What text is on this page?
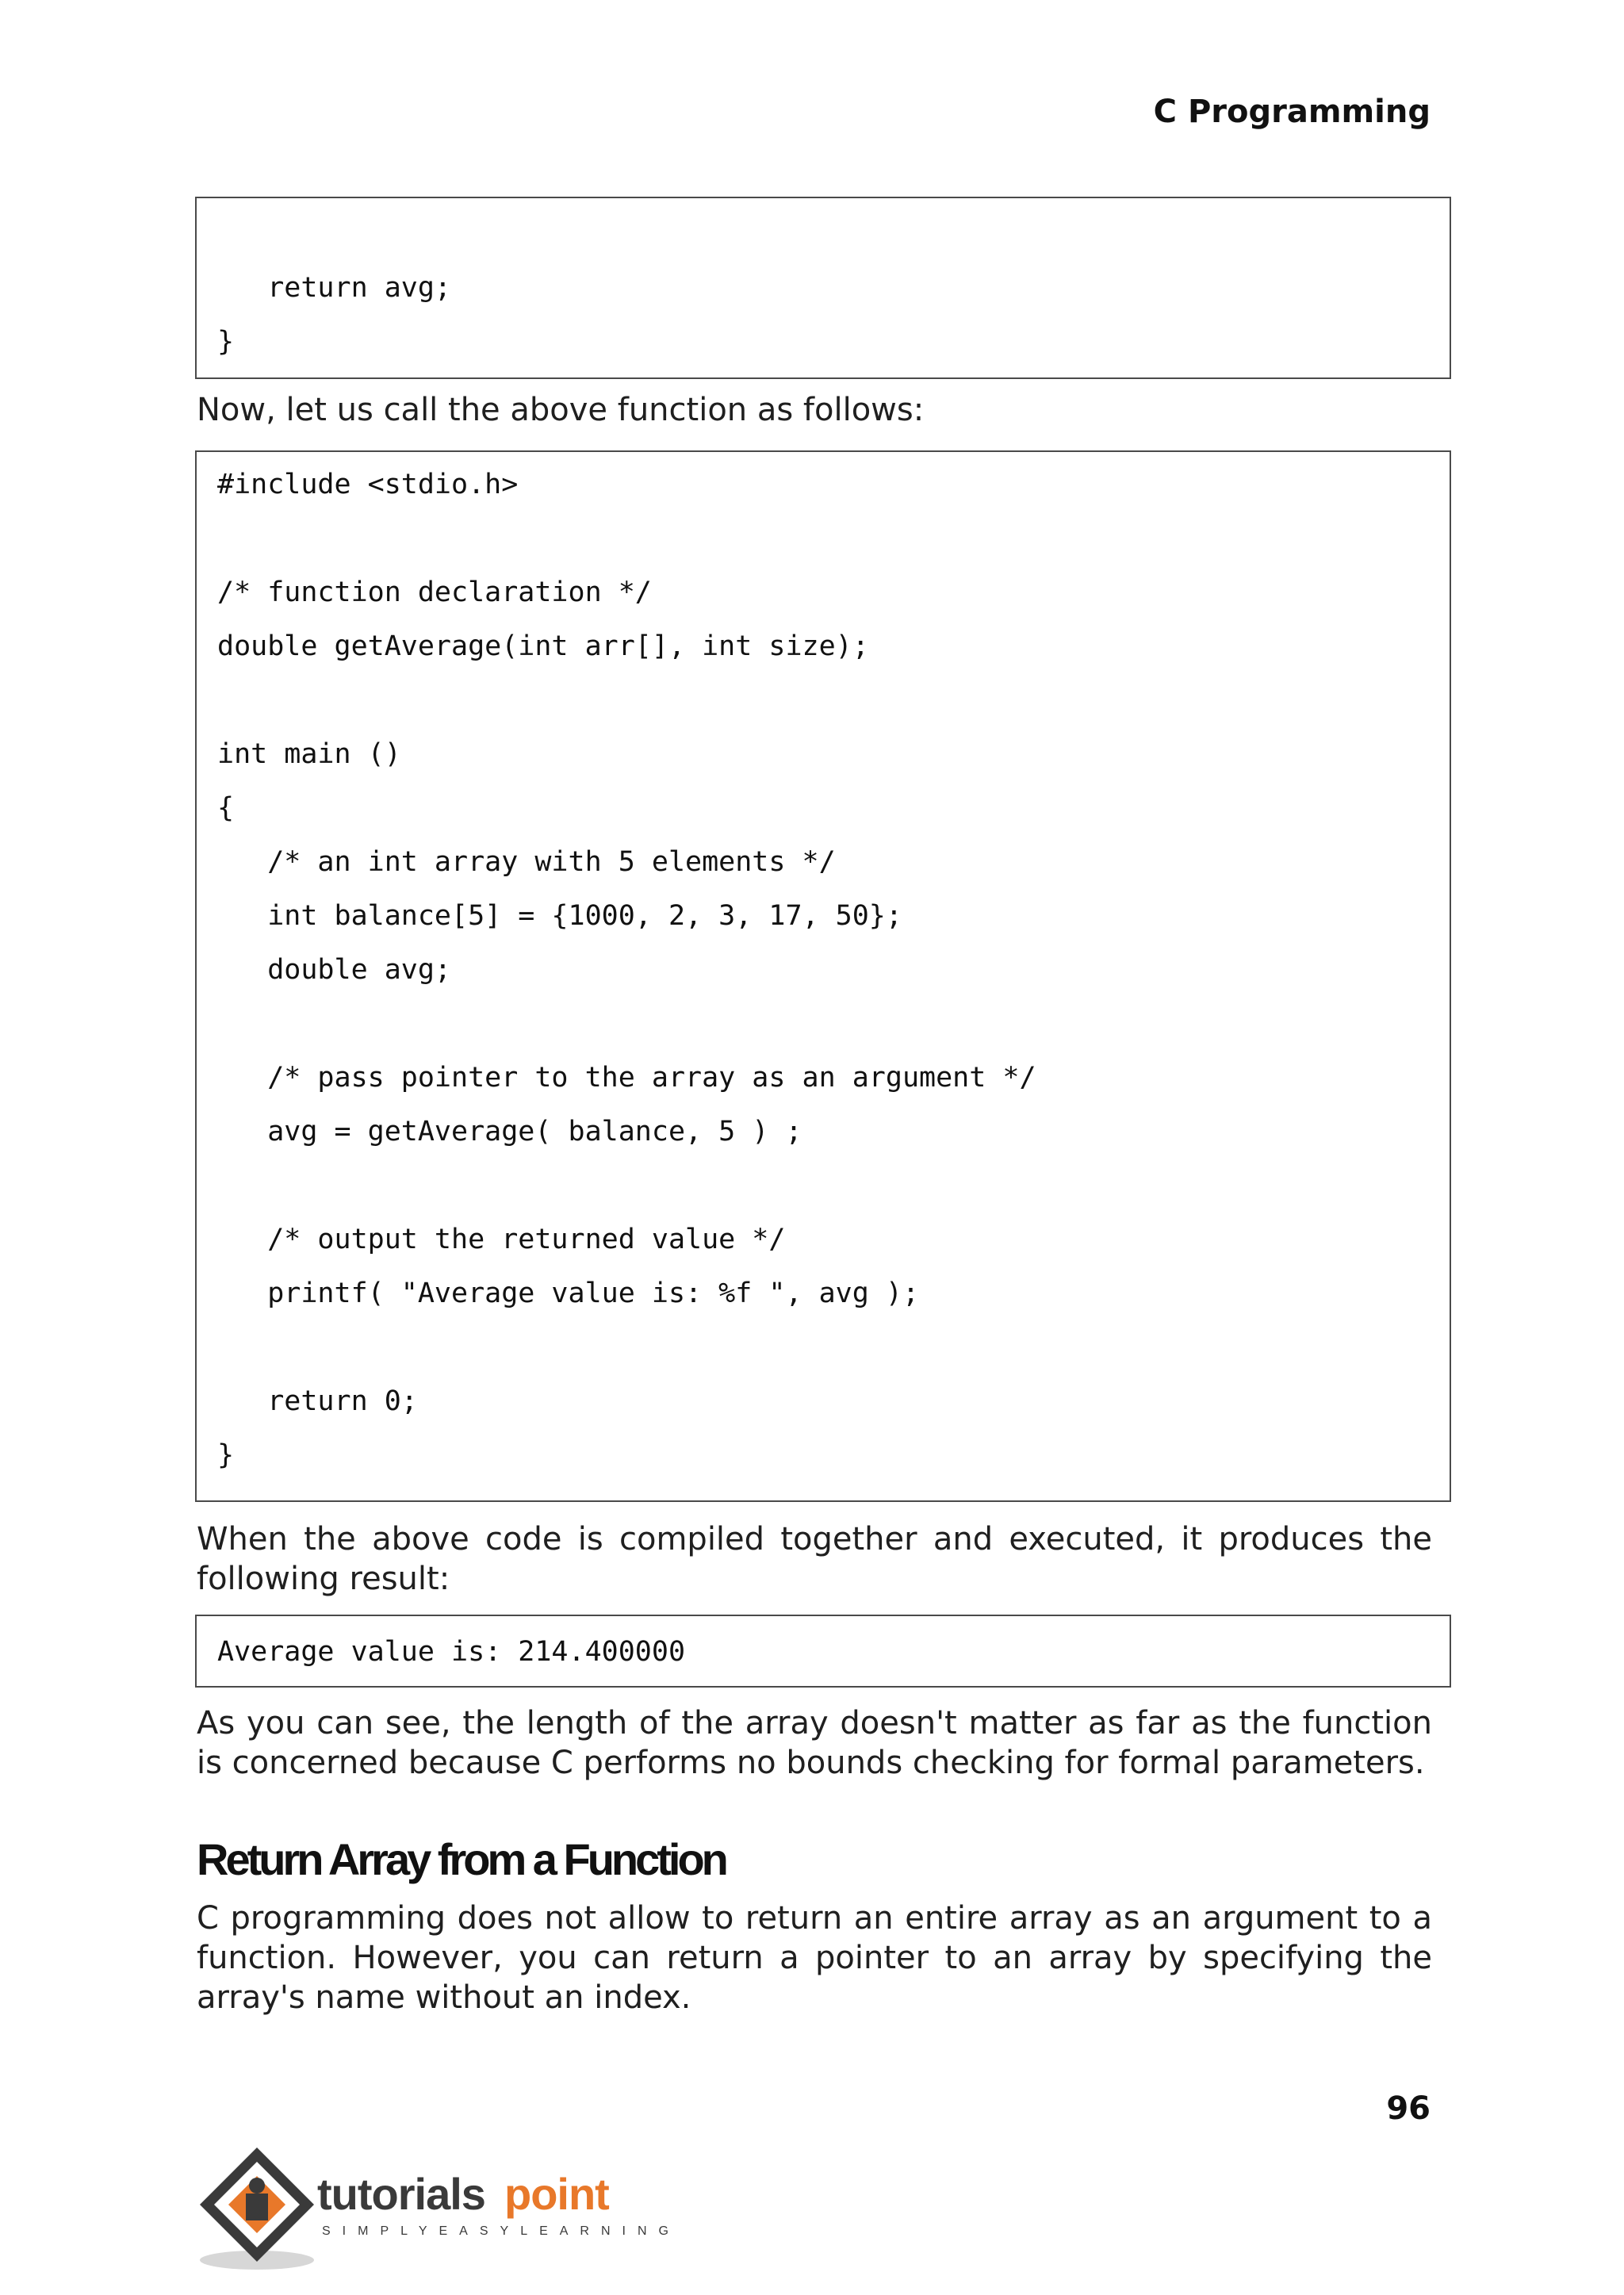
C Programming
return avg;
}
Now, let us call the above function as follows:
#include <stdio.h>
/* function declaration */
double getAverage(int arr[], int size);
int main ()
{
/* an int array with 5 elements */
int balance[5] = {1000, 2, 3, 17, 50};
double avg;
/* pass pointer to the array as an argument */
avg = getAverage( balance, 5 ) ;
/* output the returned value */
printf( "Average value is: %f ", avg );
return 0;
}
When the above code is compiled together and executed, it produces the following result:
Average value is: 214.400000
As you can see, the length of the array doesn't matter as far as the function is concerned because C performs no bounds checking for formal parameters.
Return Array from a Function
C programming does not allow to return an entire array as an argument to a function. However, you can return a pointer to an array by specifying the array's name without an index.
96
tutorials point
SIMPLYEASYLEARNING
